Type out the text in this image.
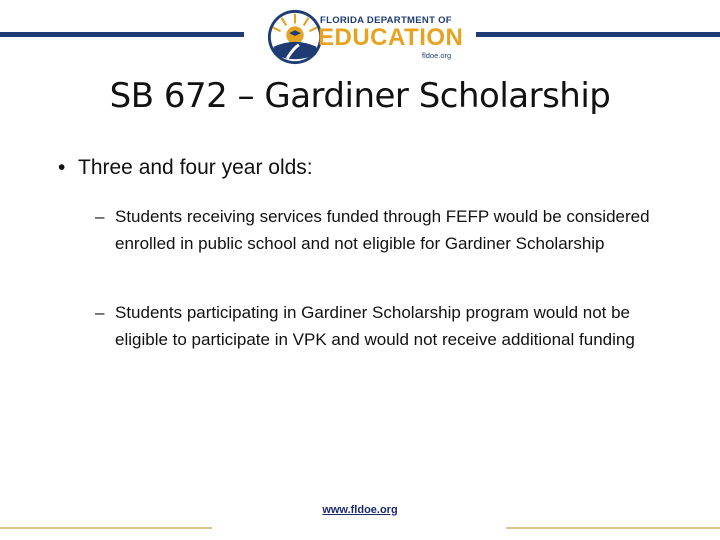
FLORIDA DEPARTMENT OF
EDUCATION
fldoe.org
SB 672 – Gardiner Scholarship
• Three and four year olds:
– Students receiving services funded through FEFP would be considered enrolled in public school and not eligible for Gardiner Scholarship
– Students participating in Gardiner Scholarship program would not be eligible to participate in VPK and would not receive additional funding
www.fldoe.org
